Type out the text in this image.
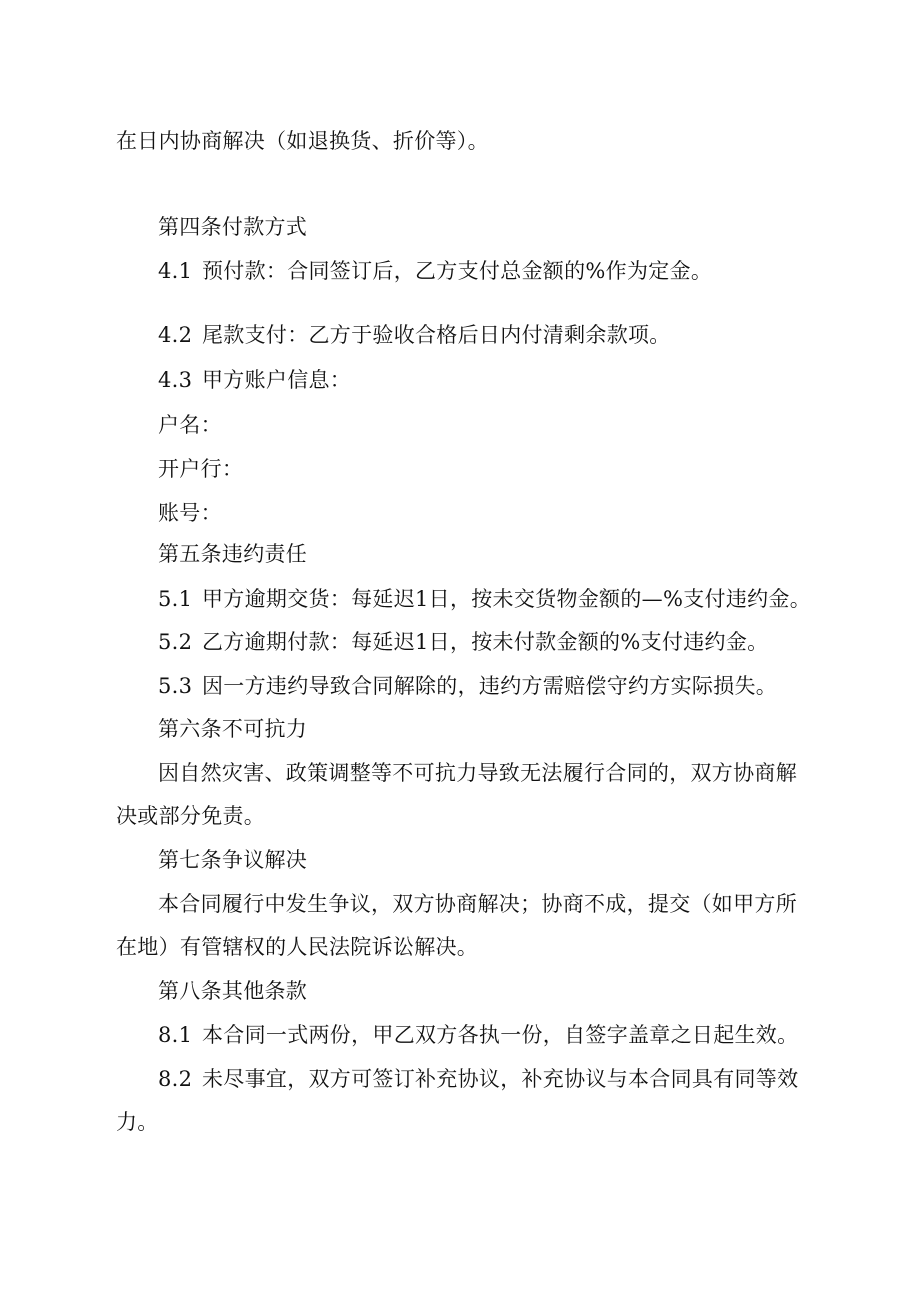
在日内协商解决（如退换货、折价等）。
第四条付款方式
4.1 预付款：合同签订后，乙方支付总金额的%作为定金。
4.2 尾款支付：乙方于验收合格后日内付清剩余款项。
4.3 甲方账户信息：
户名：
开户行：
账号：
第五条违约责任
5.1 甲方逾期交货：每延迟1日，按未交货物金额的—%支付违约金。
5.2 乙方逾期付款：每延迟1日，按未付款金额的%支付违约金。
5.3 因一方违约导致合同解除的，违约方需赔偿守约方实际损失。
第六条不可抗力
因自然灾害、政策调整等不可抗力导致无法履行合同的，双方协商解
决或部分免责。
第七条争议解决
本合同履行中发生争议，双方协商解决；协商不成，提交（如甲方所
在地）有管辖权的人民法院诉讼解决。
第八条其他条款
8.1 本合同一式两份，甲乙双方各执一份，自签字盖章之日起生效。
8.2 未尽事宜，双方可签订补充协议，补充协议与本合同具有同等效
力。
